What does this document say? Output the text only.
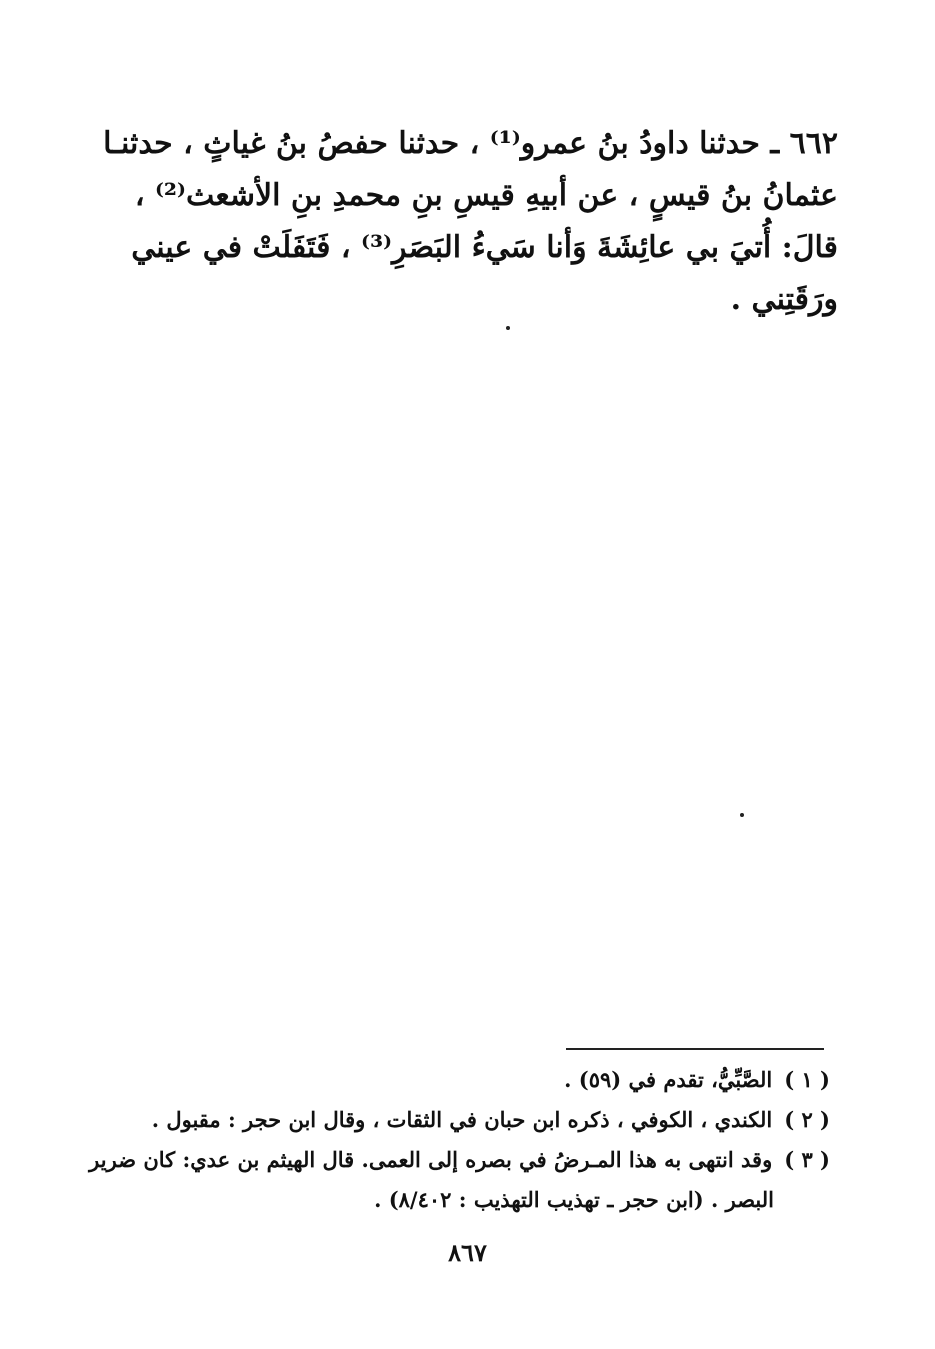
٦٦٢ ـ حدثنا داودُ بنُ عمرو⁽¹⁾ ، حدثنا حفصُ بنُ غياثٍ ، حدثنـا
عثمانُ بنُ قيسٍ ، عن أبيهِ قيسِ بنِ محمدِ بنِ الأشعث⁽²⁾ ،
قالَ: أُتيَ بي عائِشَةَ وَأنا سَيءُ البَصَرِ⁽³⁾ ، فَتَفَلَتْ في عيني
ورَقَتِني .
( ١ )الصَّبِّيُّ، تقدم في (٥٩) .
( ٢ )الكندي ، الكوفي ، ذكره ابن حبان في الثقات ، وقال ابن حجر : مقبول .
( ٣ )وقد انتهى به هذا المـرضُ في بصره إلى العمى. قال الهيثم بن عدي: كان ضرير
البصر . (ابن حجر ـ تهذيب التهذيب : ٨/٤٠٢) .
٨٦٧
